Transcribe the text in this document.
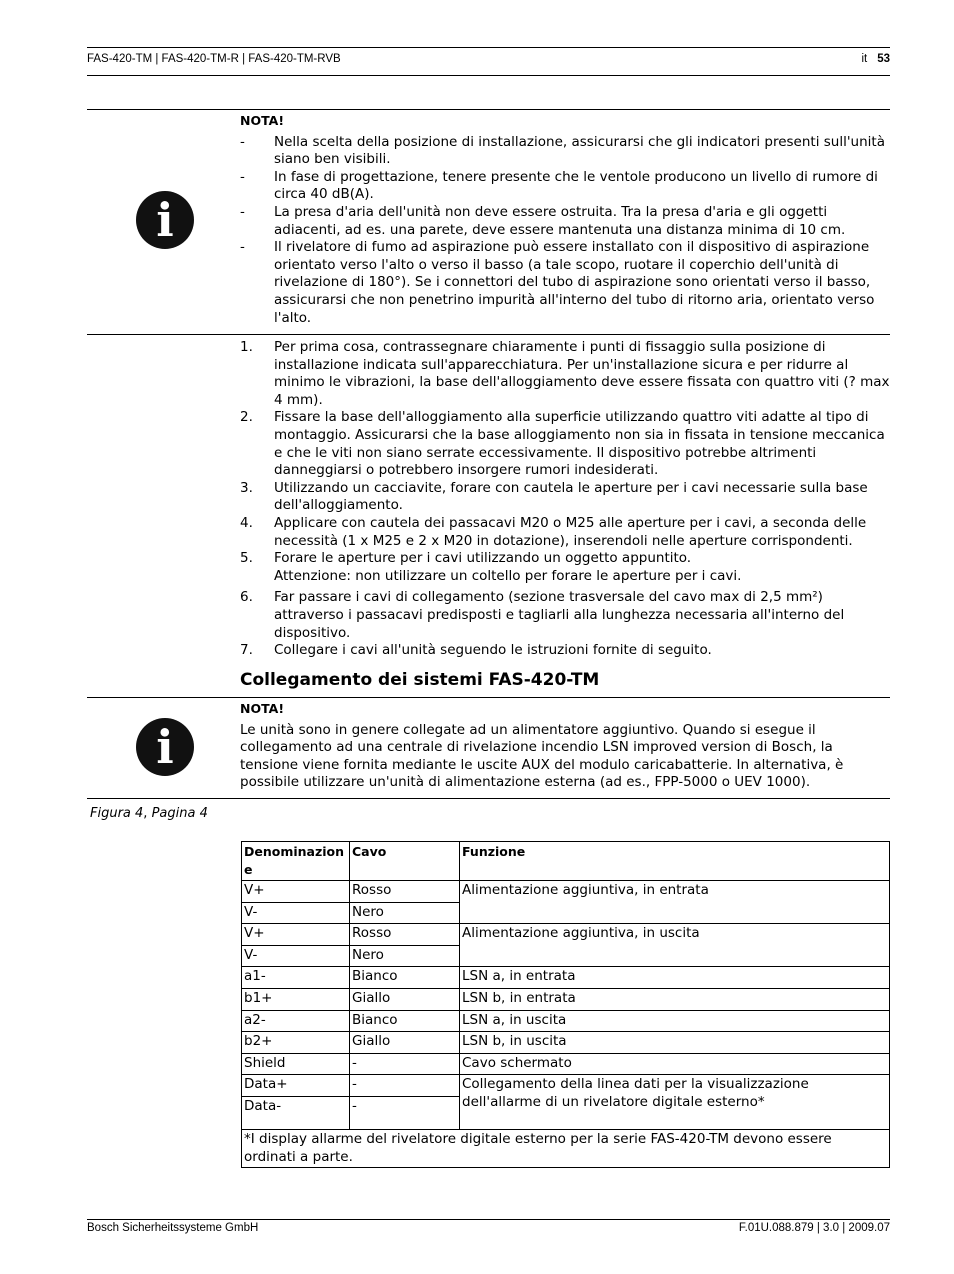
FAS-420-TM | FAS-420-TM-R | FAS-420-TM-RVB	it 53
i
NOTA!
- Nella scelta della posizione di installazione, assicurarsi che gli indicatori presenti sull'unità siano ben visibili.
- In fase di progettazione, tenere presente che le ventole producono un livello di rumore di circa 40 dB(A).
- La presa d'aria dell'unità non deve essere ostruita. Tra la presa d'aria e gli oggetti adiacenti, ad es. una parete, deve essere mantenuta una distanza minima di 10 cm.
- Il rivelatore di fumo ad aspirazione può essere installato con il dispositivo di aspirazione orientato verso l'alto o verso il basso (a tale scopo, ruotare il coperchio dell'unità di rivelazione di 180°). Se i connettori del tubo di aspirazione sono orientati verso il basso, assicurarsi che non penetrino impurità all'interno del tubo di ritorno aria, orientato verso l'alto.
1. Per prima cosa, contrassegnare chiaramente i punti di fissaggio sulla posizione di installazione indicata sull'apparecchiatura. Per un'installazione sicura e per ridurre al minimo le vibrazioni, la base dell'alloggiamento deve essere fissata con quattro viti (? max 4 mm).
2. Fissare la base dell'alloggiamento alla superficie utilizzando quattro viti adatte al tipo di montaggio. Assicurarsi che la base alloggiamento non sia in fissata in tensione meccanica e che le viti non siano serrate eccessivamente. Il dispositivo potrebbe altrimenti danneggiarsi o potrebbero insorgere rumori indesiderati.
3. Utilizzando un cacciavite, forare con cautela le aperture per i cavi necessarie sulla base dell'alloggiamento.
4. Applicare con cautela dei passacavi M20 o M25 alle aperture per i cavi, a seconda delle necessità (1 x M25 e 2 x M20 in dotazione), inserendoli nelle aperture corrispondenti.
5. Forare le aperture per i cavi utilizzando un oggetto appuntito.
Attenzione: non utilizzare un coltello per forare le aperture per i cavi.
6. Far passare i cavi di collegamento (sezione trasversale del cavo max di 2,5 mm²) attraverso i passacavi predisposti e tagliarli alla lunghezza necessaria all'interno del dispositivo.
7. Collegare i cavi all'unità seguendo le istruzioni fornite di seguito.
Collegamento dei sistemi FAS-420-TM
i
NOTA!
Le unità sono in genere collegate ad un alimentatore aggiuntivo. Quando si esegue il collegamento ad una centrale di rivelazione incendio LSN improved version di Bosch, la tensione viene fornita mediante le uscite AUX del modulo caricabatterie. In alternativa, è possibile utilizzare un'unità di alimentazione esterna (ad es., FPP-5000 o UEV 1000).
Figura 4, Pagina 4
Denominazion e	Cavo	Funzione
V+	Rosso	Alimentazione aggiuntiva, in entrata
V-	Nero	
V+	Rosso	Alimentazione aggiuntiva, in uscita
V-	Nero	
a1-	Bianco	LSN a, in entrata
b1+	Giallo	LSN b, in entrata
a2-	Bianco	LSN a, in uscita
b2+	Giallo	LSN b, in uscita
Shield	-	Cavo schermato
Data+	-	Collegamento della linea dati per la visualizzazione dell'allarme di un rivelatore digitale esterno*
Data-	-	
*I display allarme del rivelatore digitale esterno per la serie FAS-420-TM devono essere ordinati a parte.		
Bosch Sicherheitssysteme GmbH	F.01U.088.879 | 3.0 | 2009.07
